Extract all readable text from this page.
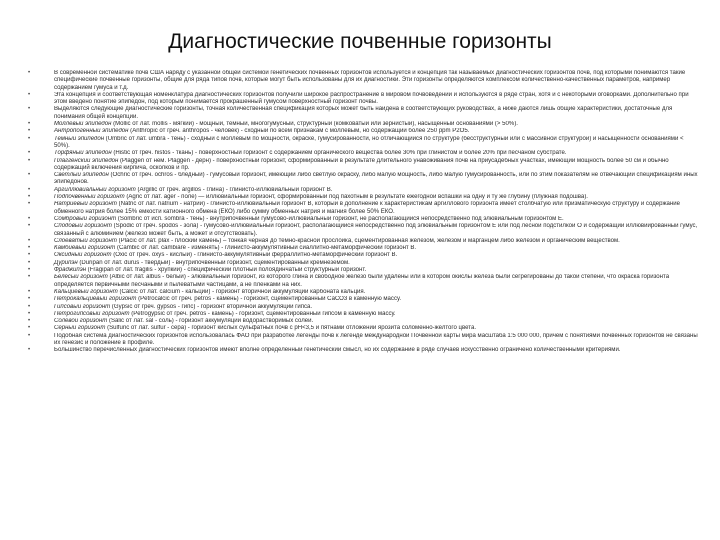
Диагностические почвенные горизонты
•	В современной систематике почв США наряду с указанной общей системой генетических почвенных горизонтов используется и концепция так называемых диагностических горизонтов почв, под которыми понимаются такие специфические почвенные горизонты, общие для ряда типов почв, которые могут быть использованы для их диагностики. Эти горизонты определяются комплексом количественно-качественных параметров, например содержанием гумуса и т.д.
•	Эта концепция и соответствующая номенклатура диагностических горизонтов получили широкое распространение в мировом почвоведении и используются в ряде стран, хотя и с некоторыми оговорками. Дополнительно при этом введено понятие эпипедон, под которым понимается прокрашенный гумусом поверхностный горизонт почвы.
•	Выделяются следующие диагностические горизонты, точная количественная спецификация которых может быть найдена в соответствующих руководствах, а ниже даются лишь общие характеристики, достаточные для понимания общей концепции.
•	Моллевый эпипедон (Mollic от лат. mollis - мягкий) - мощный, темный, многогумусный, структурный (комковатый или зернистый), насыщенный основаниями (> 50%).
•	Антропогенный эпипедон (Anthropic от греч. anthropos - человек) - сходный по всем признакам с моллевым, но содержащий более 250 ppm P2O5.
•	Темный эпипедон (Umbric от лат. umbra - тень) - сходный с моллевым по мощности, окраске, гумусированности, но отличающийся по структуре (бесструктурный или с массивной структурой) и насыщенности основаниями < 50%).
•	Торфяный эпипедон (Histic от греч. histos - ткань) - поверхностный горизонт с содержанием органического вещества более 30% при глинистом и более 20% при песчаном субстрате.
•	Плаггенский эпипедон (Plaggen от нем. Plaggen - дерн) - поверхностный горизонт, сформированный в результате длительного унавоживания почв на приусадебных участках, имеющий мощность более 50 см и обычно содержащий включения кирпича, осколков и пр.
•	Светлый эпипедон (Ochric от греч. ochros - бледный) - гумусовый горизонт, имеющий либо светлую окраску, либо малую мощность, либо малую гумусированность, или по этим показателям не отвечающий спецификациям иных эпипедонов.
•	Аргиллювиальный горизонт (Argillic от греч. argillos - глина) - глинисто-иллювиальный горизонт В.
•	Подпочвенный горизонт (Agric от лат. ager - поле) — иллювиальный горизонт, сформированный под пахотным в результате ежегодной вспашки на одну и ту же глубину (плужная подошва).
•	Натриевый горизонт (Natric от лат. natrium - натрий) - глинисто-иллювиальный горизонт В, который в дополнение к характеристикам аргиллового горизонта имеет столбчатую или призматическую структуру и содержание обменного натрия более 15% емкости катионного обмена (ЕКО) либо сумму обменных натрия и магния более 50% ЕКО.
•	Сомбровый горизонт (Sombric от исп. sombra - тень) - внутрипочвенный гумусово-иллювиальный горизонт, не располагающийся непосредственно под элювиальным горизонтом Е.
•	Сподовый горизонт (Spodic от греч. spodos - зола) - гумусово-иллювиальный горизонт, располагающийся непосредственно под элювиальным горизонтом Е или под лесной подстилкой О и содержащий иллювиированный гумус, связанный с алюминием (железо может быть, а может и отсутствовать).
•	Слоеватый горизонт (Placic от лат. plax - плоский камень) – тонкая черная до темно-красной прослойка, сцементированная железом, железом и марганцем либо железом и органическим веществом.
•	Камбиевый горизонт (Cambic от лат. cambiare - изменять) - глинисто-аккумулятивный сиаллитно-метаморфический горизонт В.
•	Оксидный горизонт (Oxic от греч. oxys - кислый) - глинисто-аккумулятивный ферраллитно-метаморфический горизонт В.
•	Дурипэн (Duripan от лат. durus - твердый) - внутрипочвенный горизонт, сцементированный кремнеземом.
•	Фраджипэн (Fragipan от лат. fragilis - хрупкий) - специфический плотный полоядинчатый структурный горизонт.
•	Белесый горизонт (Albic от лат. albus - белый) - элювиальный горизонт, из которого глина и свободное железо были удалены или в котором окислы железа были сегрегированы до такой степени, что окраска горизонта определяется первичными песчаными и пылеватыми частицами, а не пленками на них.
•	Кальциевый горизонт (Calcic от лат. calcium - кальций) - горизонт вторичной аккумуляции карбоната кальция.
•	Петрокальциевый горизонт (Petrocalcic от греч. petros - камень) - горизонт, сцементированный СаСО3 в каменную массу.
•	Гипсовый горизонт (Gypsic от греч. gypsos - гипс) - горизонт вторичной аккумуляции гипса.
•	Петрогипсовый горизонт (Petrogypsic от греч. petros - камень) - горизонт, сцементированный гипсом в каменную массу.
•	Солевой горизонт (Salic от лат. sal - соль) - горизонт аккумуляции водорастворимых солей.
•	Серный горизонт (Sulfuric от лат. sulfur - сера) - горизонт кислых сульфатных почв с рН<3,5 и пятнами отложений ярозита соломенно-желтого цвета.
•	Подобная система диагностических горизонтов использовалась ФАО при разработке легенды почв к легенде международной Почвенной карты мира масштаба 1:5 000 000, причем с понятиями почвенных горизонтов не связаны их генезис и положение в профиле.
•	Большинство перечисленных диагностических горизонтов имеют вполне определенный генетический смысл, но их содержание в ряде случаев искусственно ограничено количественными критериями.
